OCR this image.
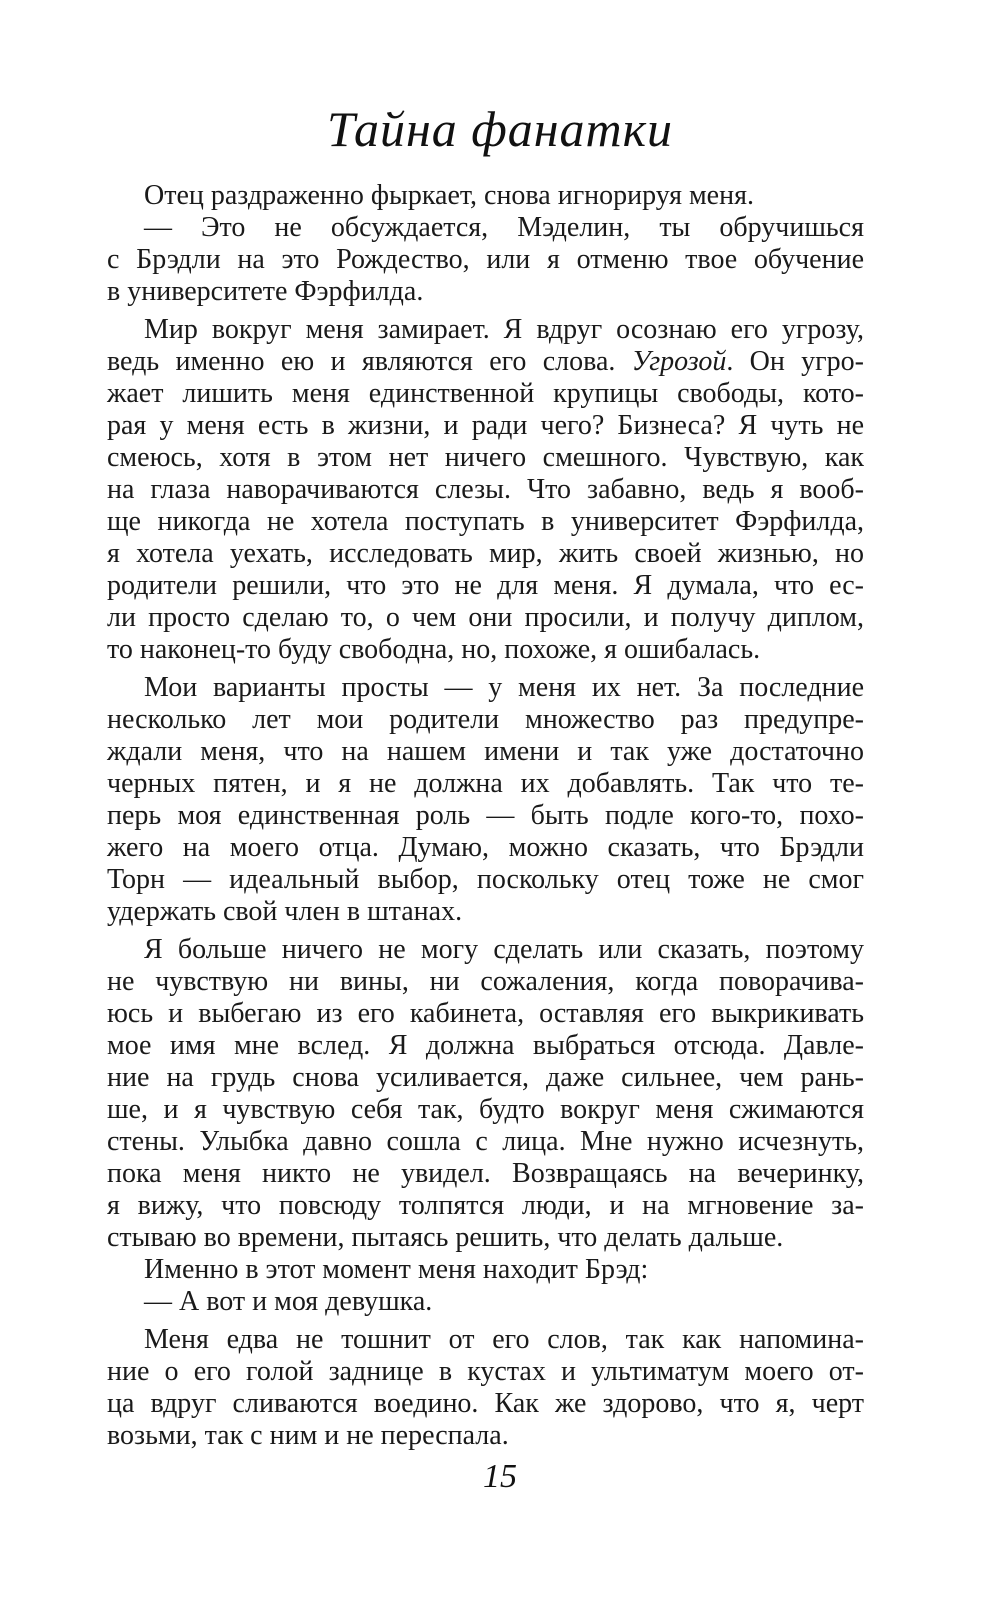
Тайна фанатки
Отец раздраженно фыркает, снова игнорируя меня.
— Это не обсуждается, Мэделин, ты обручишься
с Брэдли на это Рождество, или я отменю твое обучение
в университете Фэрфилда.
Мир вокруг меня замирает. Я вдруг осознаю его угрозу,
ведь именно ею и являются его слова. Угрозой. Он угро-
жает лишить меня единственной крупицы свободы, кото-
рая у меня есть в жизни, и ради чего? Бизнеса? Я чуть не
смеюсь, хотя в этом нет ничего смешного. Чувствую, как
на глаза наворачиваются слезы. Что забавно, ведь я вооб-
ще никогда не хотела поступать в университет Фэрфилда,
я хотела уехать, исследовать мир, жить своей жизнью, но
родители решили, что это не для меня. Я думала, что ес-
ли просто сделаю то, о чем они просили, и получу диплом,
то наконец-то буду свободна, но, похоже, я ошибалась.
Мои варианты просты — у меня их нет. За последние
несколько лет мои родители множество раз предупре-
ждали меня, что на нашем имени и так уже достаточно
черных пятен, и я не должна их добавлять. Так что те-
перь моя единственная роль — быть подле кого-то, похо-
жего на моего отца. Думаю, можно сказать, что Брэдли
Торн — идеальный выбор, поскольку отец тоже не смог
удержать свой член в штанах.
Я больше ничего не могу сделать или сказать, поэтому
не чувствую ни вины, ни сожаления, когда поворачива-
юсь и выбегаю из его кабинета, оставляя его выкрикивать
мое имя мне вслед. Я должна выбраться отсюда. Давле-
ние на грудь снова усиливается, даже сильнее, чем рань-
ше, и я чувствую себя так, будто вокруг меня сжимаются
стены. Улыбка давно сошла с лица. Мне нужно исчезнуть,
пока меня никто не увидел. Возвращаясь на вечеринку,
я вижу, что повсюду толпятся люди, и на мгновение за-
стываю во времени, пытаясь решить, что делать дальше.
Именно в этот момент меня находит Брэд:
— А вот и моя девушка.
Меня едва не тошнит от его слов, так как напомина-
ние о его голой заднице в кустах и ультиматум моего от-
ца вдруг сливаются воедино. Как же здорово, что я, черт
возьми, так с ним и не переспала.
15
